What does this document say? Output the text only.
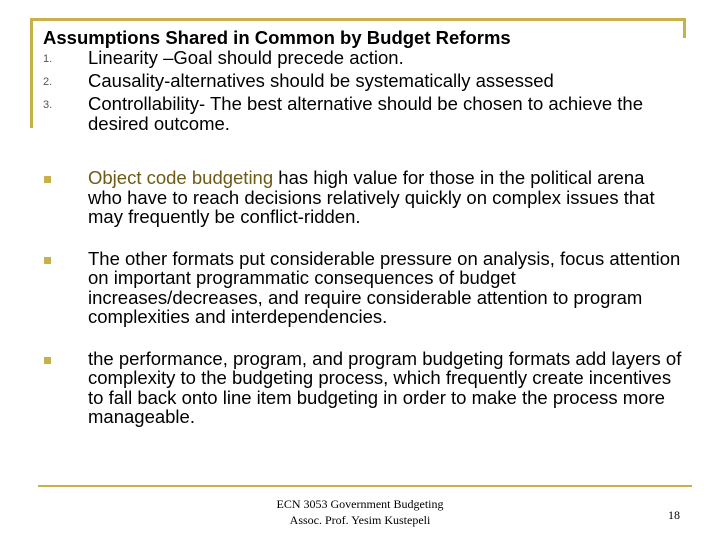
Assumptions Shared in Common by Budget Reforms
1.	Linearity –Goal should precede action.
2.	Causality-alternatives should be systematically assessed
3.	Controllability- The best alternative should be chosen to achieve the desired outcome.
Object code budgeting has high value for those in the political arena who have to reach decisions relatively quickly on complex issues that may frequently be conflict-ridden.
The other formats put considerable pressure on analysis, focus attention on important programmatic consequences of budget increases/decreases, and require considerable attention to program complexities and interdependencies.
the performance, program, and program budgeting formats add layers of complexity to the budgeting process, which frequently create incentives to fall back onto line item budgeting in order to make the process more manageable.
ECN 3053 Government Budgeting
Assoc. Prof. Yesim Kustepeli	18
